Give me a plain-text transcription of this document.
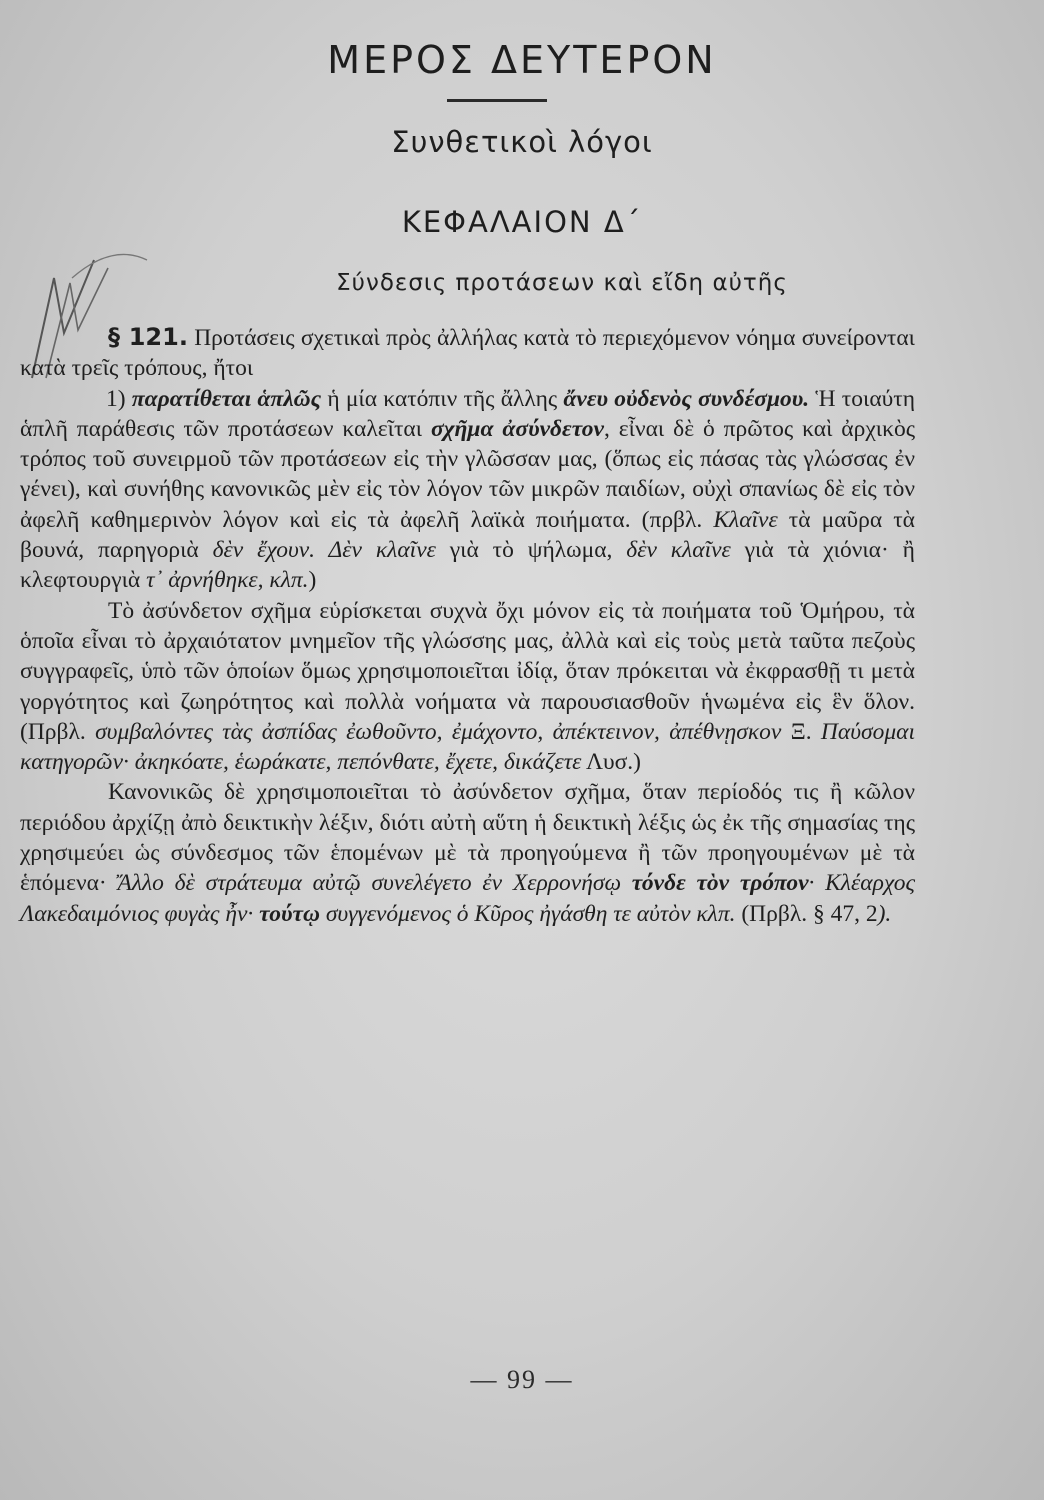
ΜΕΡΟΣ ΔΕΥΤΕΡΟΝ
Συνθετικοὶ λόγοι
ΚΕΦΑΛΑΙΟΝ Δ΄
Σύνδεσις προτάσεων καὶ εἴδη αὐτῆς

§ 121. Προτάσεις σχετικαὶ πρὸς ἀλλήλας κατὰ τὸ περιεχόμενον νόημα συνείρονται κατὰ τρεῖς τρόπους, ἤτοι

1) παρατίθεται ἁπλῶς ἡ μία κατόπιν τῆς ἄλλης ἄνευ οὐδενὸς συνδέσμου. Ἡ τοιαύτη ἁπλῆ παράθεσις τῶν προτάσεων καλεῖται σχῆμα ἀσύνδετον, εἶναι δὲ ὁ πρῶτος καὶ ἀρχικὸς τρόπος τοῦ συνειρμοῦ τῶν προτάσεων εἰς τὴν γλῶσσαν μας, (ὅπως εἰς πάσας τὰς γλώσσας ἐν γένει), καὶ συνήθης κανονικῶς μὲν εἰς τὸν λόγον τῶν μικρῶν παιδίων, οὐχὶ σπανίως δὲ εἰς τὸν ἀφελῆ καθημερινὸν λόγον καὶ εἰς τὰ ἀφελῆ λαϊκὰ ποιήματα. (πρβλ. Κλαῖνε τὰ μαῦρα τὰ βουνά, παρηγοριὰ δὲν ἔχουν. Δὲν κλαῖνε γιὰ τὸ ψήλωμα, δὲν κλαῖνε γιὰ τὰ χιόνια· ἢ κλεφτουργιὰ τ᾽ ἀρνήθηκε, κλπ.)

Τὸ ἀσύνδετον σχῆμα εὑρίσκεται συχνὰ ὄχι μόνον εἰς τὰ ποιήματα τοῦ Ὁμήρου, τὰ ὁποῖα εἶναι τὸ ἀρχαιότατον μνημεῖον τῆς γλώσσης μας, ἀλλὰ καὶ εἰς τοὺς μετὰ ταῦτα πεζοὺς συγγραφεῖς, ὑπὸ τῶν ὁποίων ὅμως χρησιμοποιεῖται ἰδίᾳ, ὅταν πρόκειται νὰ ἐκφρασθῇ τι μετὰ γοργότητος καὶ ζωηρότητος καὶ πολλὰ νοήματα νὰ παρουσιασθοῦν ἡνωμένα εἰς ἓν ὅλον. (Πρβλ. συμβαλόντες τὰς ἀσπίδας ἐωθοῦντο, ἐμάχοντο, ἀπέκτεινον, ἀπέθνῃσκον Ξ. Παύσομαι κατηγορῶν· ἀκηκόατε, ἑωράκατε, πεπόνθατε, ἔχετε, δικάζετε Λυσ.)

Κανονικῶς δὲ χρησιμοποιεῖται τὸ ἀσύνδετον σχῆμα, ὅταν περίοδός τις ἢ κῶλον περιόδου ἀρχίζῃ ἀπὸ δεικτικὴν λέξιν, διότι αὐτὴ αὕτη ἡ δεικτικὴ λέξις ὡς ἐκ τῆς σημασίας της χρησιμεύει ὡς σύνδεσμος τῶν ἑπομένων μὲ τὰ προηγούμενα ἢ τῶν προηγουμένων μὲ τὰ ἑπόμενα· Ἄλλο δὲ στράτευμα αὐτῷ συνελέγετο ἐν Χερρονήσῳ τόνδε τὸν τρόπον· Κλέαρχος Λακεδαιμόνιος φυγὰς ἦν· τούτῳ συγγενόμενος ὁ Κῦρος ἠγάσθη τε αὐτὸν κλπ. (Πρβλ. § 47, 2).

— 99 —
